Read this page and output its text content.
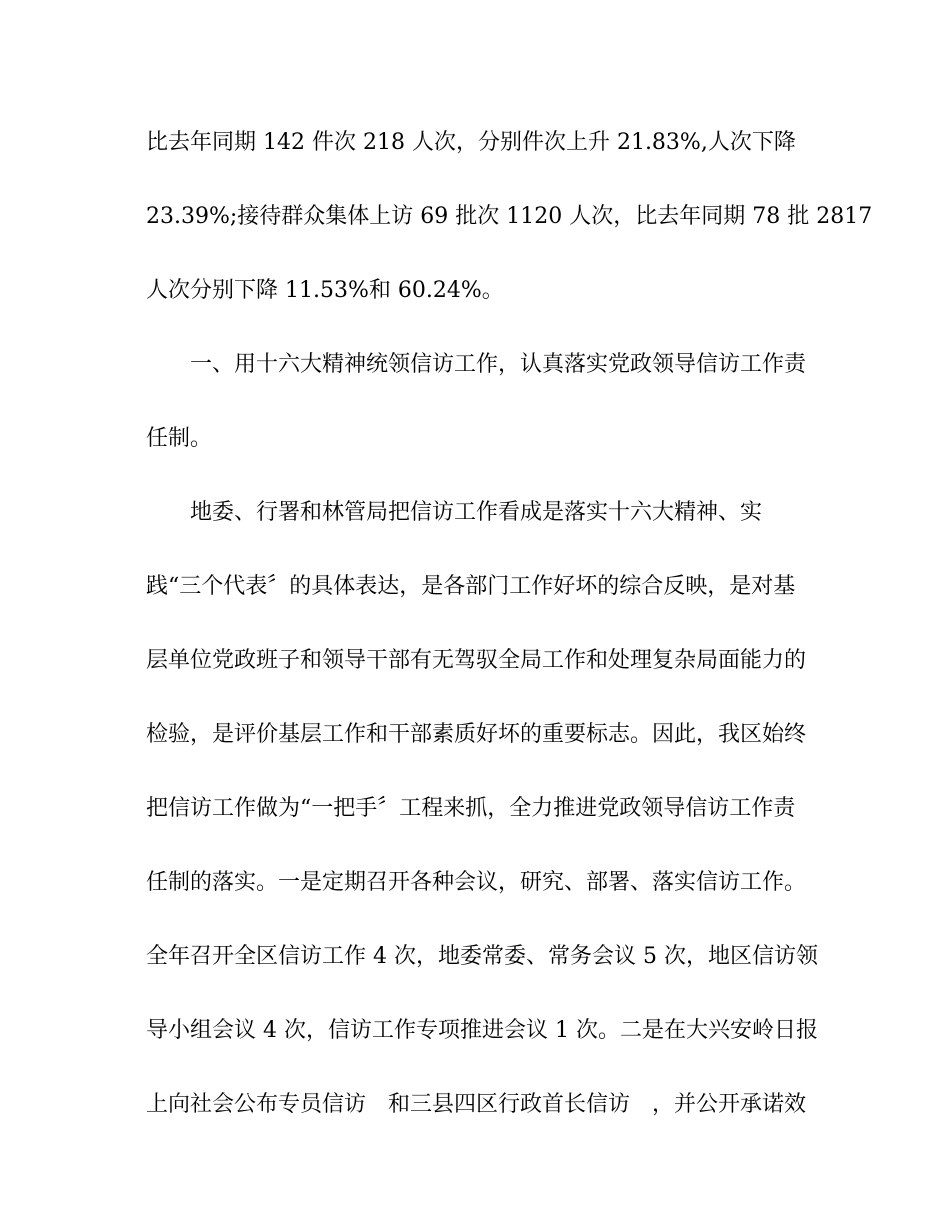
比去年同期 142 件次 218 人次，分别件次上升 21.83%,人次下降

23.39%;接待群众集体上访 69 批次 1120 人次，比去年同期 78 批 2817

人次分别下降 11.53%和 60.24%。

一、用十六大精神统领信访工作，认真落实党政领导信访工作责

任制。

地委、行署和林管局把信访工作看成是落实十六大精神、实

践“三个代表〞的具体表达，是各部门工作好坏的综合反映，是对基

层单位党政班子和领导干部有无驾驭全局工作和处理复杂局面能力的

检验，是评价基层工作和干部素质好坏的重要标志。因此，我区始终

把信访工作做为“一把手〞工程来抓，全力推进党政领导信访工作责

任制的落实。一是定期召开各种会议，研究、部署、落实信访工作。

全年召开全区信访工作 4 次，地委常委、常务会议 5 次，地区信访领

导小组会议 4 次，信访工作专项推进会议 1 次。二是在大兴安岭日报

上向社会公布专员信访　和三县四区行政首长信访　，并公开承诺效
